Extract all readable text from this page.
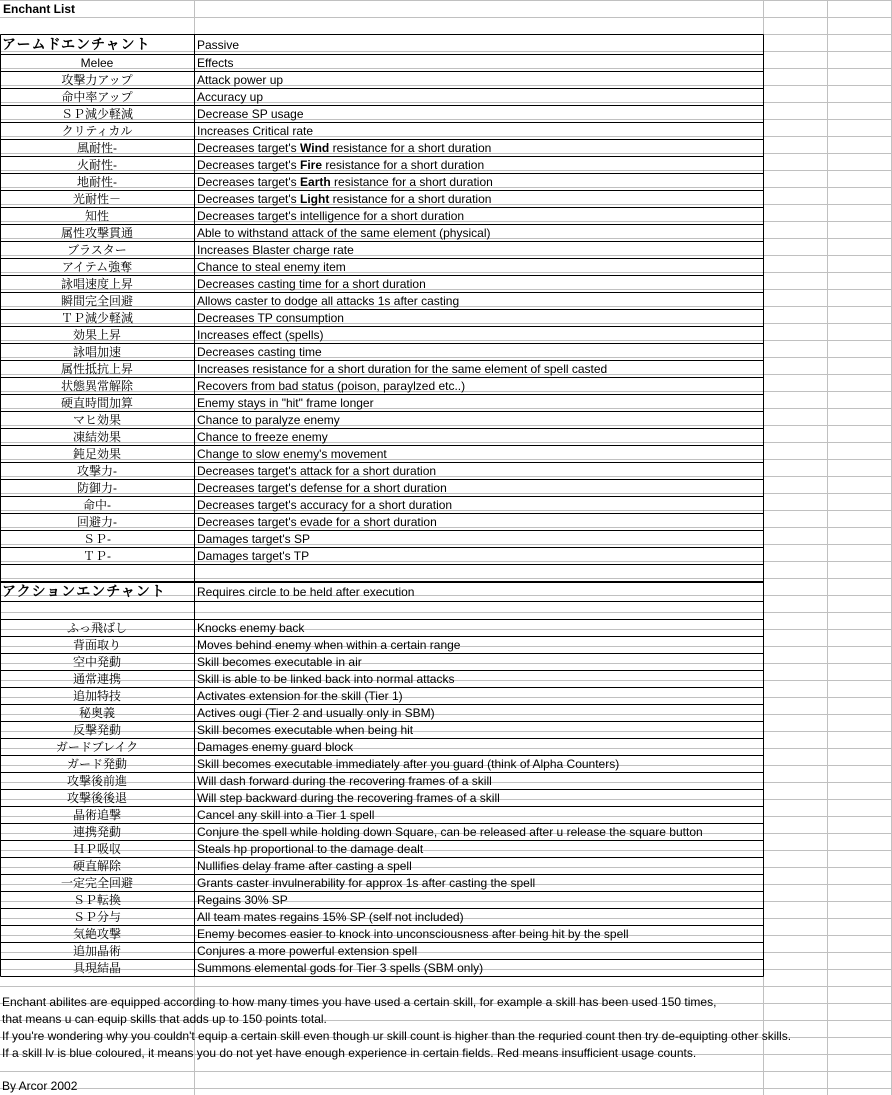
Enchant List
アームドエンチャント	Passive
Melee	Effects
攻撃力アップ	Attack power up
命中率アップ	Accuracy up
ＳＰ減少軽減	Decrease SP usage
クリティカル	Increases Critical rate
風耐性-	Decreases target's Wind resistance for a short duration
火耐性-	Decreases target's Fire resistance for a short duration
地耐性-	Decreases target's Earth resistance for a short duration
光耐性－	Decreases target's Light resistance for a short duration
知性	Decreases target's intelligence for a short duration
属性攻撃貫通	Able to withstand attack of the same element (physical)
ブラスター	Increases Blaster charge rate
アイテム強奪	Chance to steal enemy item
詠唱速度上昇	Decreases casting time for a short duration
瞬間完全回避	Allows caster to dodge all attacks 1s after casting
ＴＰ減少軽減	Decreases TP consumption
効果上昇	Increases effect (spells)
詠唱加速	Decreases casting time
属性抵抗上昇	Increases resistance for a short duration for the same element of spell casted
状態異常解除	Recovers from bad status (poison, paraylzed etc..)
硬直時間加算	Enemy stays in "hit" frame longer
マヒ効果	Chance to paralyze enemy
凍結効果	Chance to freeze enemy
鈍足効果	Change to slow enemy's movement
攻撃力-	Decreases target's attack for a short duration
防御力-	Decreases target's defense for a short duration
命中-	Decreases target's accuracy for a short duration
回避力-	Decreases target's evade for a short duration
ＳＰ-	Damages target's SP
ＴＰ-	Damages target's TP
アクションエンチャント	Requires circle to be held after execution
ふっ飛ばし	Knocks enemy back
背面取り	Moves behind enemy when within a certain range
空中発動	Skill becomes executable in air
通常連携	Skill is able to be linked back into normal attacks
追加特技	Activates extension for the skill (Tier 1)
秘奥義	Actives ougi (Tier 2 and usually only in SBM)
反撃発動	Skill becomes executable when being hit
ガードブレイク	Damages enemy guard block
ガード発動	Skill becomes executable immediately after you guard (think of Alpha Counters)
攻撃後前進	Will dash forward during the recovering frames of a skill
攻撃後後退	Will step backward during the recovering frames of a skill
晶術追撃	Cancel any skill into a Tier 1 spell
連携発動	Conjure the spell while holding down Square, can be released after u release the square button
ＨＰ吸収	Steals hp proportional to the damage dealt
硬直解除	Nullifies delay frame after casting a spell
一定完全回避	Grants caster invulnerability for approx 1s after casting the spell
ＳＰ転換	Regains 30% SP
ＳＰ分与	All team mates regains 15% SP (self not included)
気絶攻撃	Enemy becomes easier to knock into unconsciousness after being hit by the spell
追加晶術	Conjures a more powerful extension spell
具現結晶	Summons elemental gods for Tier 3 spells (SBM only)
Enchant abilites are equipped according to how many times you have used a certain skill, for example a skill has been used 150 times,
that means u can equip skills that adds up to 150 points total.
If you're wondering why you couldn't equip a certain skill even though ur skill count is higher than the requried count then try de-equipting other skills.
If a skill lv is blue coloured, it means you do not yet have enough experience in certain fields. Red means insufficient usage counts.
By Arcor 2002
